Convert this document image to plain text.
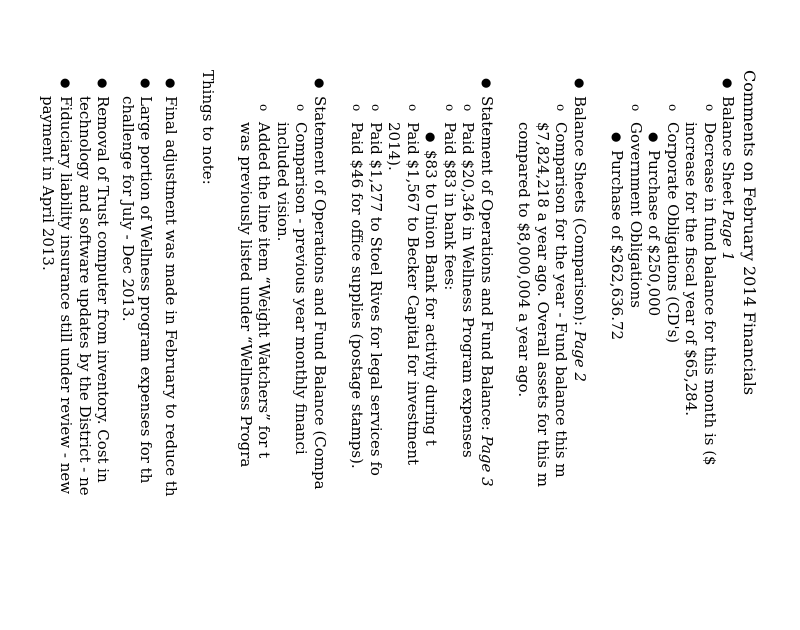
Comments on February 2014 Financials
●
Balance Sheet Page 1
o
Decrease in fund balance for this month is ($
increase for the fiscal year of $65,284.
o
Corporate Obligations (CD's)
●
Purchase of $250,000
o
Government Obligations
●
Purchase of $262,636.72
●
Balance Sheets (Comparison): Page 2
o
Comparison for the year - Fund balance this m
$7,824,218 a year ago. Overall assets for this m
compared to $8,000,004 a year ago.
●
Statement of Operations and Fund Balance: Page 3
o
Paid $20,346 in Wellness Program expenses
o
Paid $83 in bank fees:
●
$83 to Union Bank for activity during t
o
Paid $1,567 to Becker Capital for investment
2014).
o
Paid $1,277 to Stoel Rives for legal services fo
o
Paid $46 for office supplies (postage stamps).
●
Statement of Operations and Fund Balance (Compa
o
Comparison - previous year monthly financi
included vision.
o
Added the line item “Weight Watchers” for t
was previously listed under “Wellness Progra
Things to note:
●
Final adjustment was made in February to reduce th
●
Large portion of Wellness program expenses for th
challenge for July - Dec 2013.
●
Removal of Trust computer from inventory. Cost in
technology and software updates by the District - ne
●
Fiduciary liability insurance still under review - new
payment in April 2013.
